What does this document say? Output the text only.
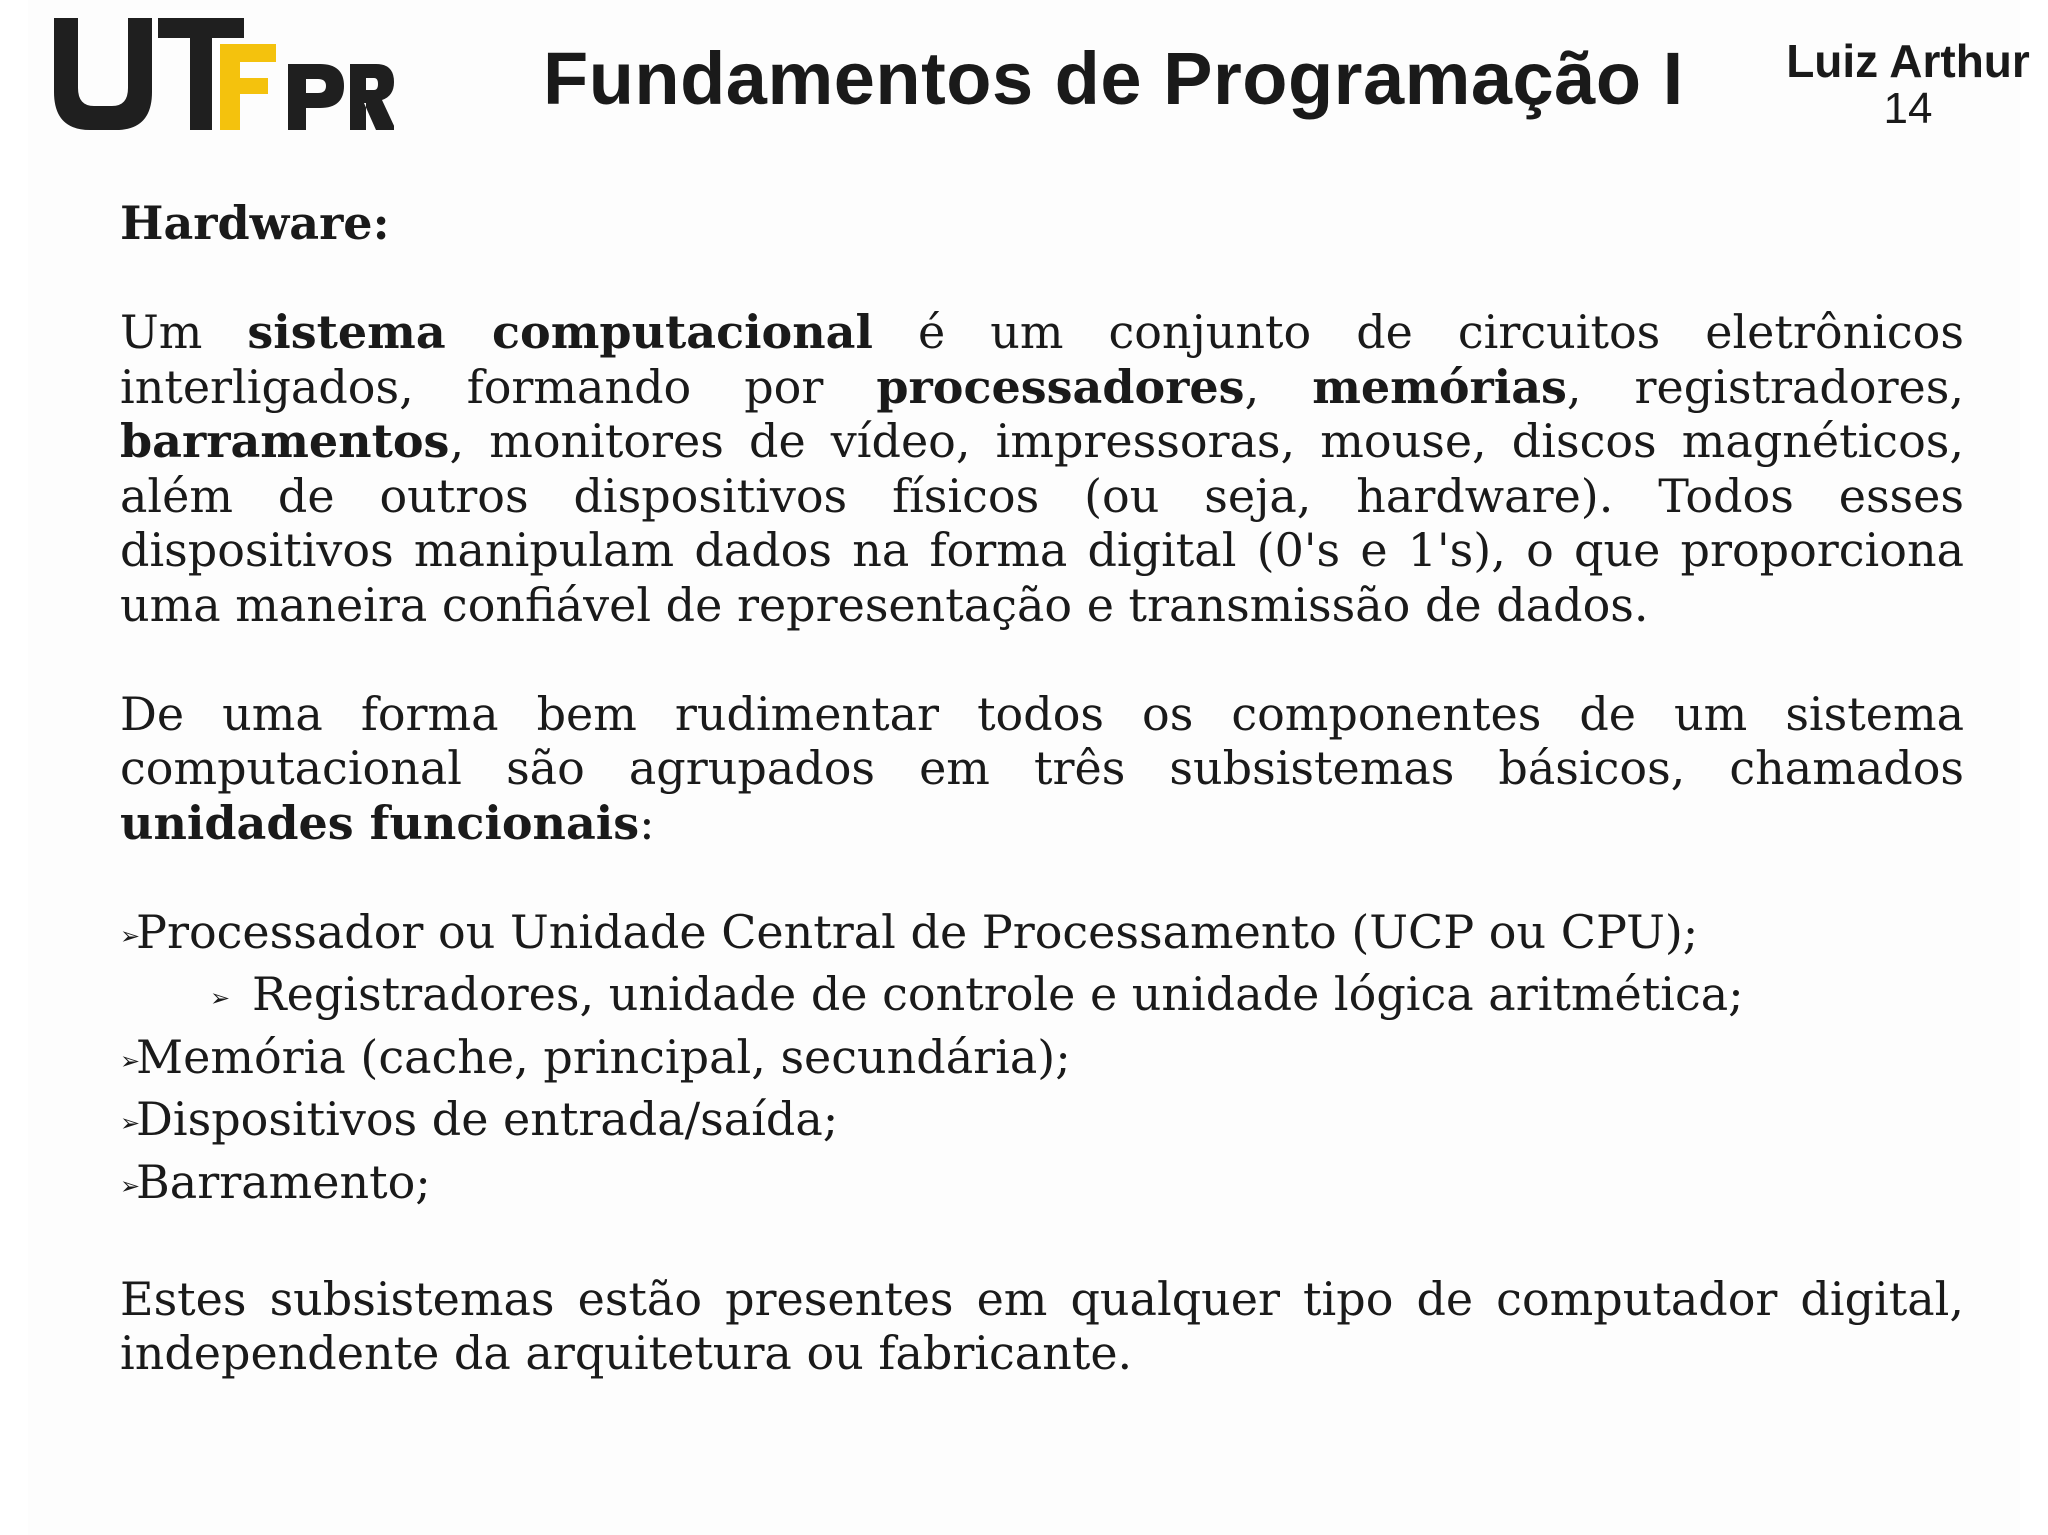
Fundamentos de Programação I	Luiz Arthur
14

Hardware:

Um sistema computacional é um conjunto de circuitos eletrônicos interligados, formando por processadores, memórias, registradores, barramentos, monitores de vídeo, impressoras, mouse, discos magnéticos, além de outros dispositivos físicos (ou seja, hardware). Todos esses dispositivos manipulam dados na forma digital (0's e 1's), o que proporciona uma maneira confiável de representação e transmissão de dados.

De uma forma bem rudimentar todos os componentes de um sistema computacional são agrupados em três subsistemas básicos, chamados unidades funcionais:

➢
Processador ou Unidade Central de Processamento (UCP ou CPU);
➢ Registradores, unidade de controle e unidade lógica aritmética;
➢
Memória (cache, principal, secundária);
➢
Dispositivos de entrada/saída;
➢
Barramento;

Estes subsistemas estão presentes em qualquer tipo de computador digital, independente da arquitetura ou fabricante.
